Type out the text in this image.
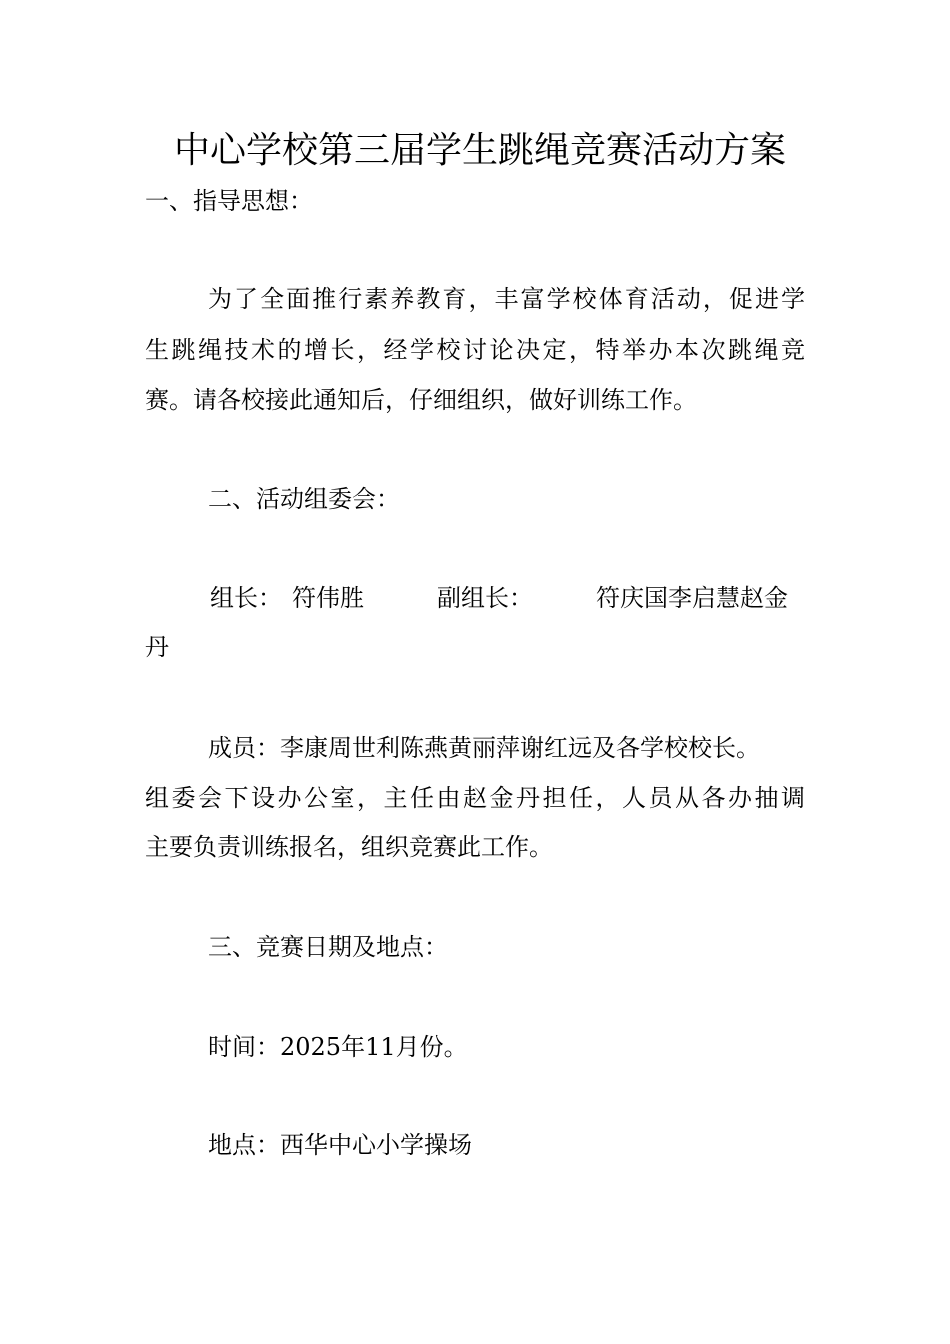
中心学校第三届学生跳绳竞赛活动方案
一、指导思想：
为了全面推行素养教育，丰富学校体育活动，促进学
生跳绳技术的增长，经学校讨论决定，特举办本次跳绳竞
赛。请各校接此通知后，仔细组织，做好训练工作。
二、活动组委会：
组长： 符伟胜	副组长：	符庆国李启慧赵金
丹
成员：李康周世利陈燕黄丽萍谢红远及各学校校长。
组委会下设办公室，主任由赵金丹担任，人员从各办抽调
主要负责训练报名，组织竞赛此工作。
三、竞赛日期及地点：
时间：2025年11月份。
地点：西华中心小学操场
